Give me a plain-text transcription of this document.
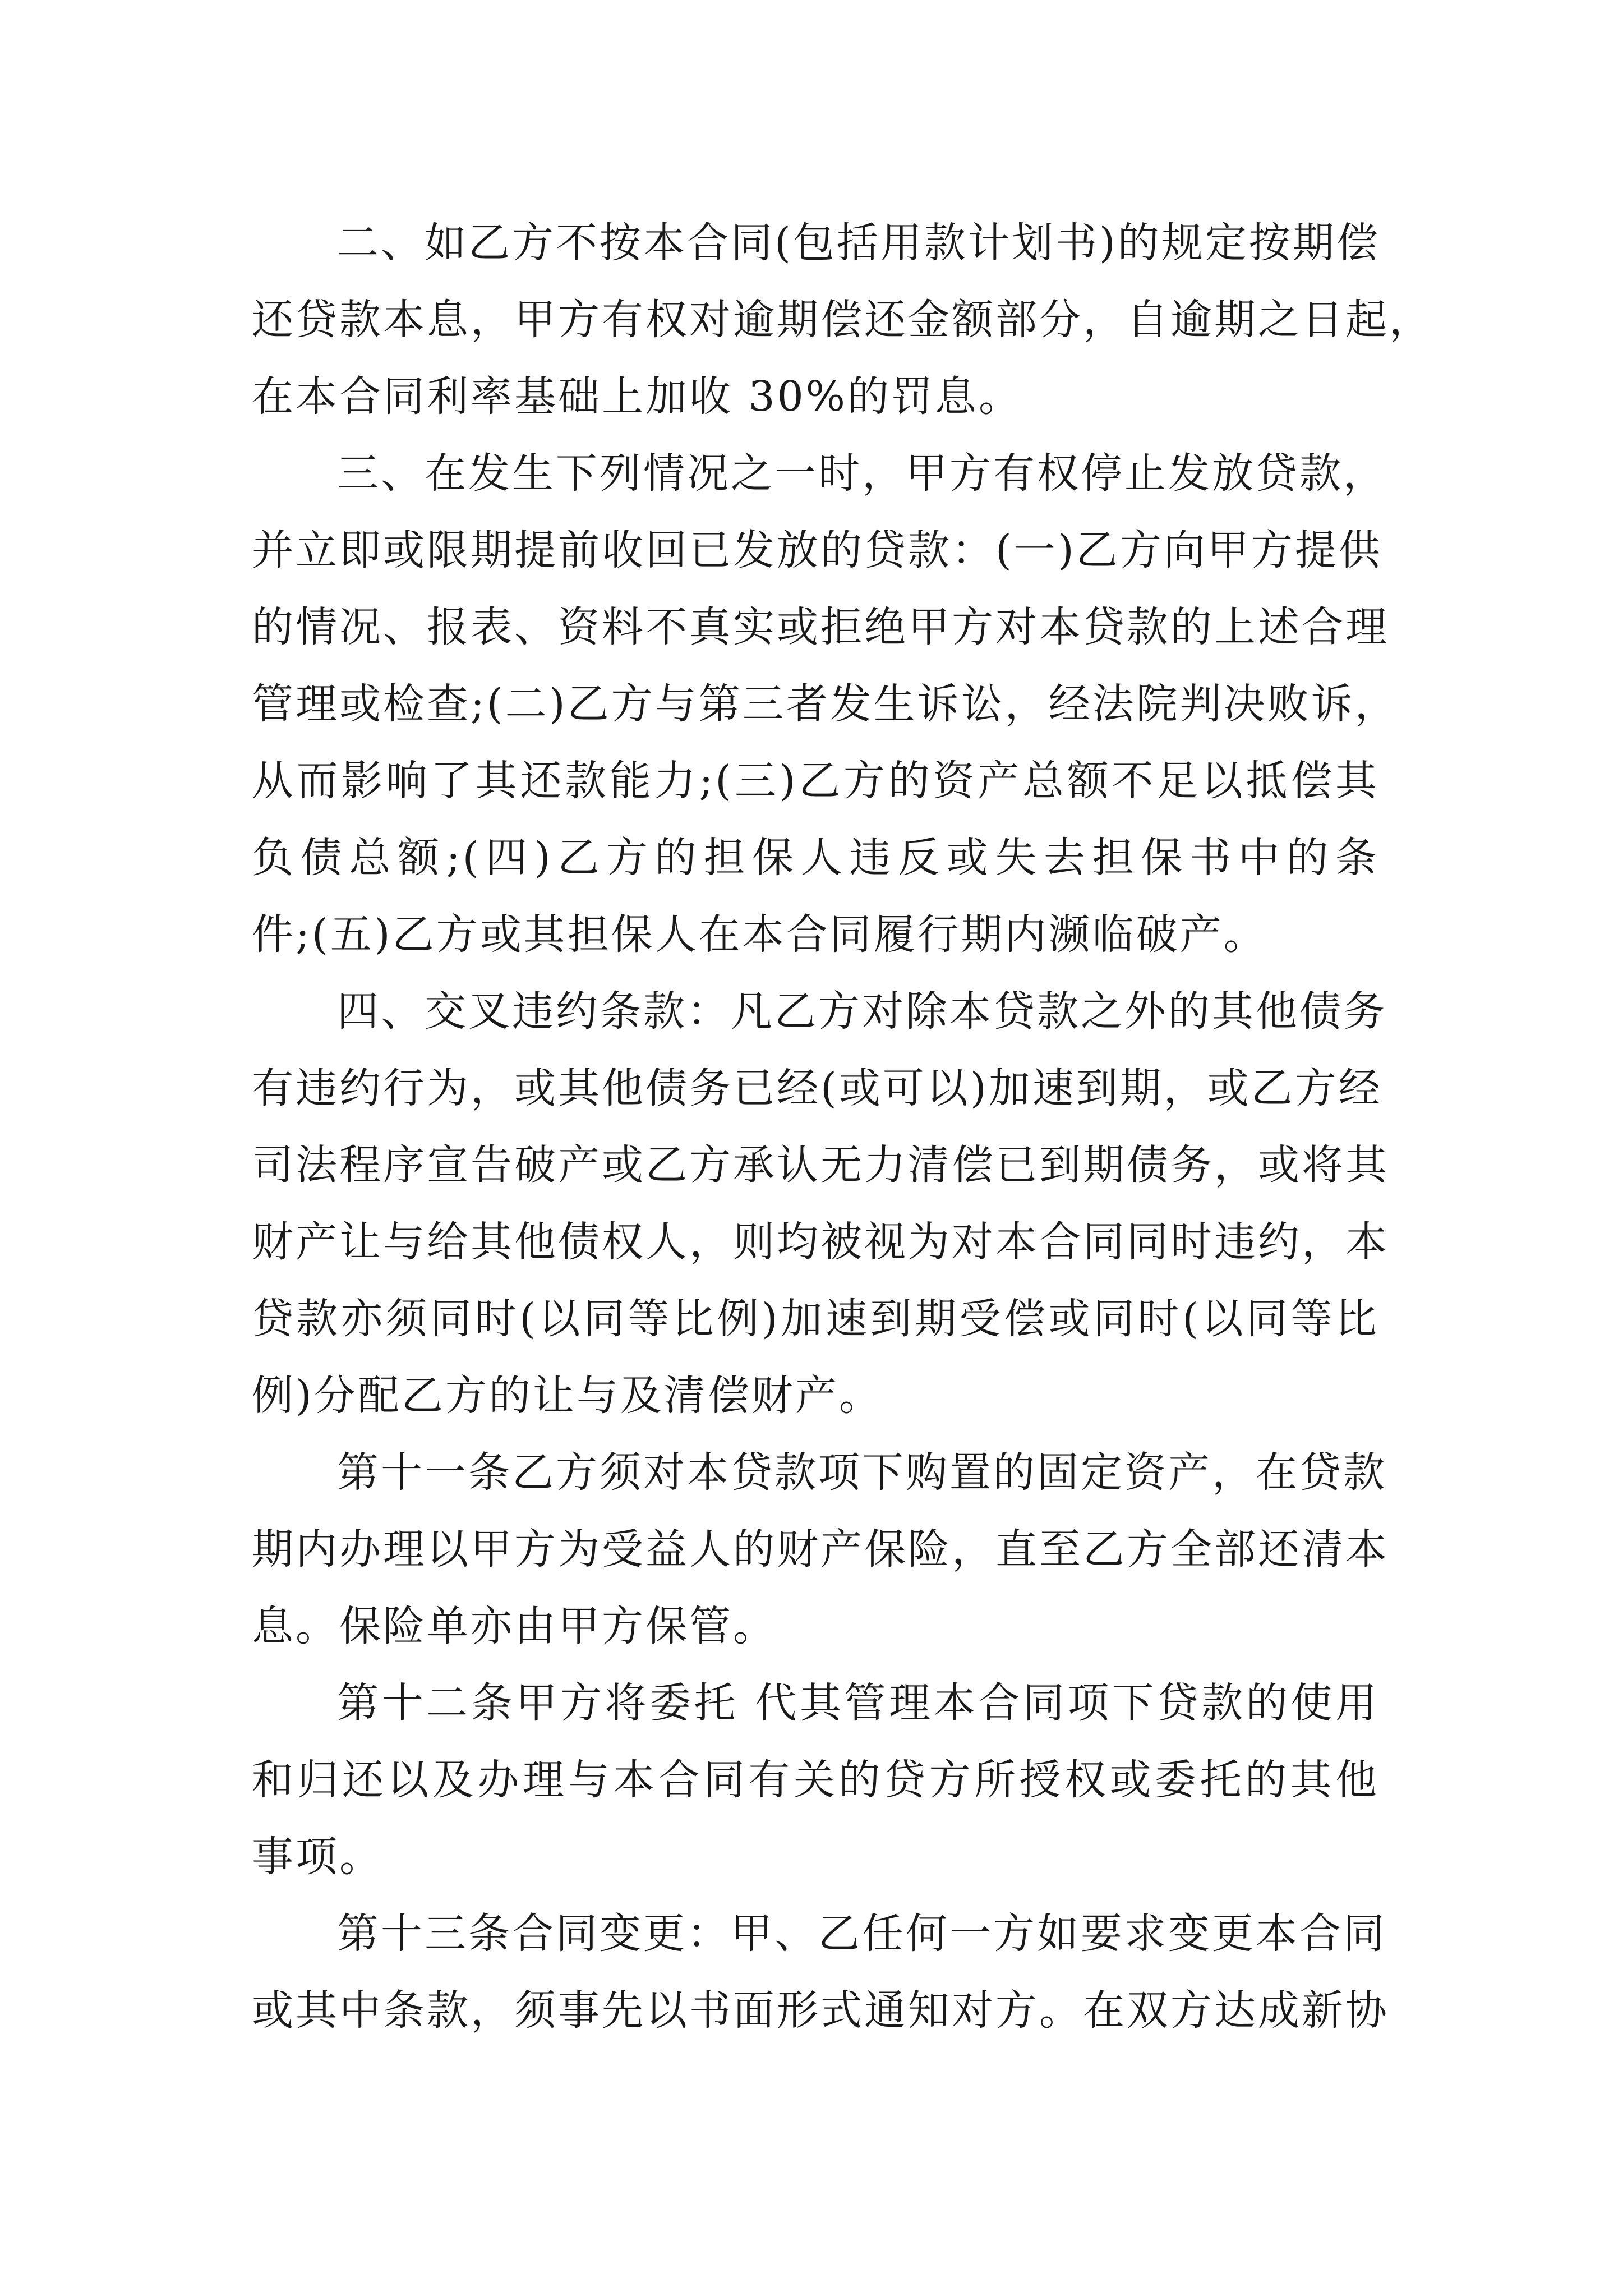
二、如乙方不按本合同(包括用款计划书)的规定按期偿
还贷款本息，甲方有权对逾期偿还金额部分，自逾期之日起，
在本合同利率基础上加收 30%的罚息。
三、在发生下列情况之一时，甲方有权停止发放贷款，
并立即或限期提前收回已发放的贷款：(一)乙方向甲方提供
的情况、报表、资料不真实或拒绝甲方对本贷款的上述合理
管理或检查;(二)乙方与第三者发生诉讼，经法院判决败诉，
从而影响了其还款能力;(三)乙方的资产总额不足以抵偿其
负债总额;(四)乙方的担保人违反或失去担保书中的条
件;(五)乙方或其担保人在本合同履行期内濒临破产。
四、交叉违约条款：凡乙方对除本贷款之外的其他债务
有违约行为，或其他债务已经(或可以)加速到期，或乙方经
司法程序宣告破产或乙方承认无力清偿已到期债务，或将其
财产让与给其他债权人，则均被视为对本合同同时违约，本
贷款亦须同时(以同等比例)加速到期受偿或同时(以同等比
例)分配乙方的让与及清偿财产。
第十一条乙方须对本贷款项下购置的固定资产，在贷款
期内办理以甲方为受益人的财产保险，直至乙方全部还清本
息。保险单亦由甲方保管。
第十二条甲方将委托 代其管理本合同项下贷款的使用
和归还以及办理与本合同有关的贷方所授权或委托的其他
事项。
第十三条合同变更：甲、乙任何一方如要求变更本合同
或其中条款，须事先以书面形式通知对方。在双方达成新协
